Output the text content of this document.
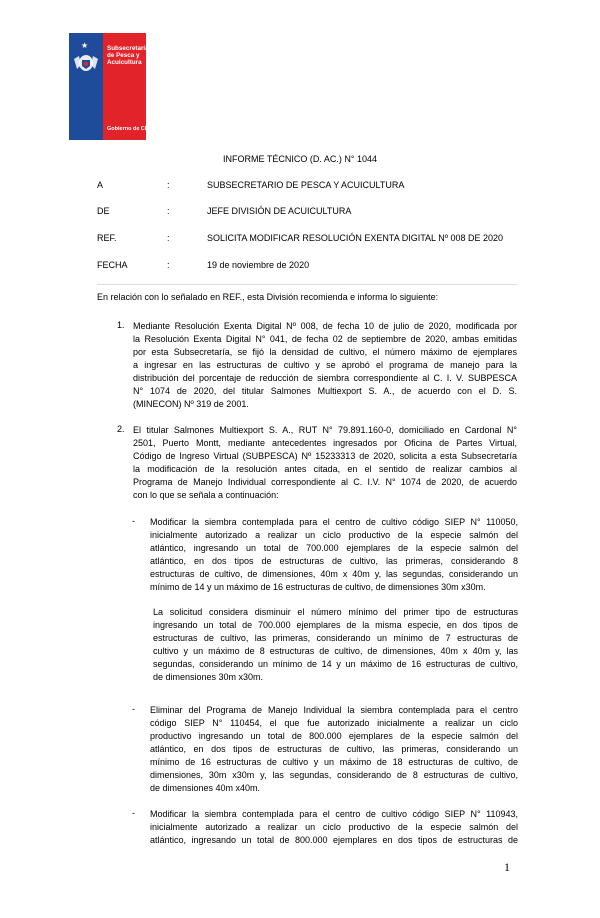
★	Subsecretaría
de Pesca y
Acuicultura
Gobierno de Chile
INFORME TÉCNICO (D. AC.) N° 1044
A	:	SUBSECRETARIO DE PESCA Y ACUICULTURA
DE	:	JEFE DIVISIÓN DE ACUICULTURA
REF.	:	SOLICITA MODIFICAR RESOLUCIÓN EXENTA DIGITAL Nº 008 DE 2020
FECHA	:	19 de noviembre de 2020
En relación con lo señalado en REF., esta División recomienda e informa lo siguiente:
1. Mediante Resolución Exenta Digital Nº 008, de fecha 10 de julio de 2020, modificada por
la Resolución Exenta Digital N° 041, de fecha 02 de septiembre de 2020, ambas emitidas
por esta Subsecretaría, se fijó la densidad de cultivo, el número máximo de ejemplares
a ingresar en las estructuras de cultivo y se aprobó el programa de manejo para la
distribución del porcentaje de reducción de siembra correspondiente al C. I. V. SUBPESCA
N° 1074 de 2020, del titular Salmones Multiexport S. A., de acuerdo con el D. S.
(MINECON) Nº 319 de 2001.
2. El titular Salmones Multiexport S. A., RUT N° 79.891.160-0, domiciliado en Cardonal N°
2501, Puerto Montt, mediante antecedentes ingresados por Oficina de Partes Virtual,
Código de Ingreso Virtual (SUBPESCA) Nº 15233313 de 2020, solicita a esta Subsecretaría
la modificación de la resolución antes citada, en el sentido de realizar cambios al
Programa de Manejo Individual correspondiente al C. I.V. N° 1074 de 2020, de acuerdo
con lo que se señala a continuación:
- Modificar la siembra contemplada para el centro de cultivo código SIEP N° 110050,
inicialmente autorizado a realizar un ciclo productivo de la especie salmón del
atlántico, ingresando un total de 700.000 ejemplares de la especie salmón del
atlántico, en dos tipos de estructuras de cultivo, las primeras, considerando 8
estructuras de cultivo, de dimensiones, 40m x 40m y, las segundas, considerando un
mínimo de 14 y un máximo de 16 estructuras de cultivo, de dimensiones 30m x30m.
La solicitud considera disminuir el número mínimo del primer tipo de estructuras
ingresando un total de 700.000 ejemplares de la misma especie, en dos tipos de
estructuras de cultivo, las primeras, considerando un mínimo de 7 estructuras de
cultivo y un máximo de 8 estructuras de cultivo, de dimensiones, 40m x 40m y, las
segundas, considerando un mínimo de 14 y un máximo de 16 estructuras de cultivo,
de dimensiones 30m x30m.
- Eliminar del Programa de Manejo Individual la siembra contemplada para el centro
código SIEP N° 110454, el que fue autorizado inicialmente a realizar un ciclo
productivo ingresando un total de 800.000 ejemplares de la especie salmón del
atlántico, en dos tipos de estructuras de cultivo, las primeras, considerando un
mínimo de 16 estructuras de cultivo y un máximo de 18 estructuras de cultivo, de
dimensiones, 30m x30m y, las segundas, considerando de 8 estructuras de cultivo,
de dimensiones 40m x40m.
- Modificar la siembra contemplada para el centro de cultivo código SIEP N° 110943,
inicialmente autorizado a realizar un ciclo productivo de la especie salmón del
atlántico, ingresando un total de 800.000 ejemplares en dos tipos de estructuras de
1
